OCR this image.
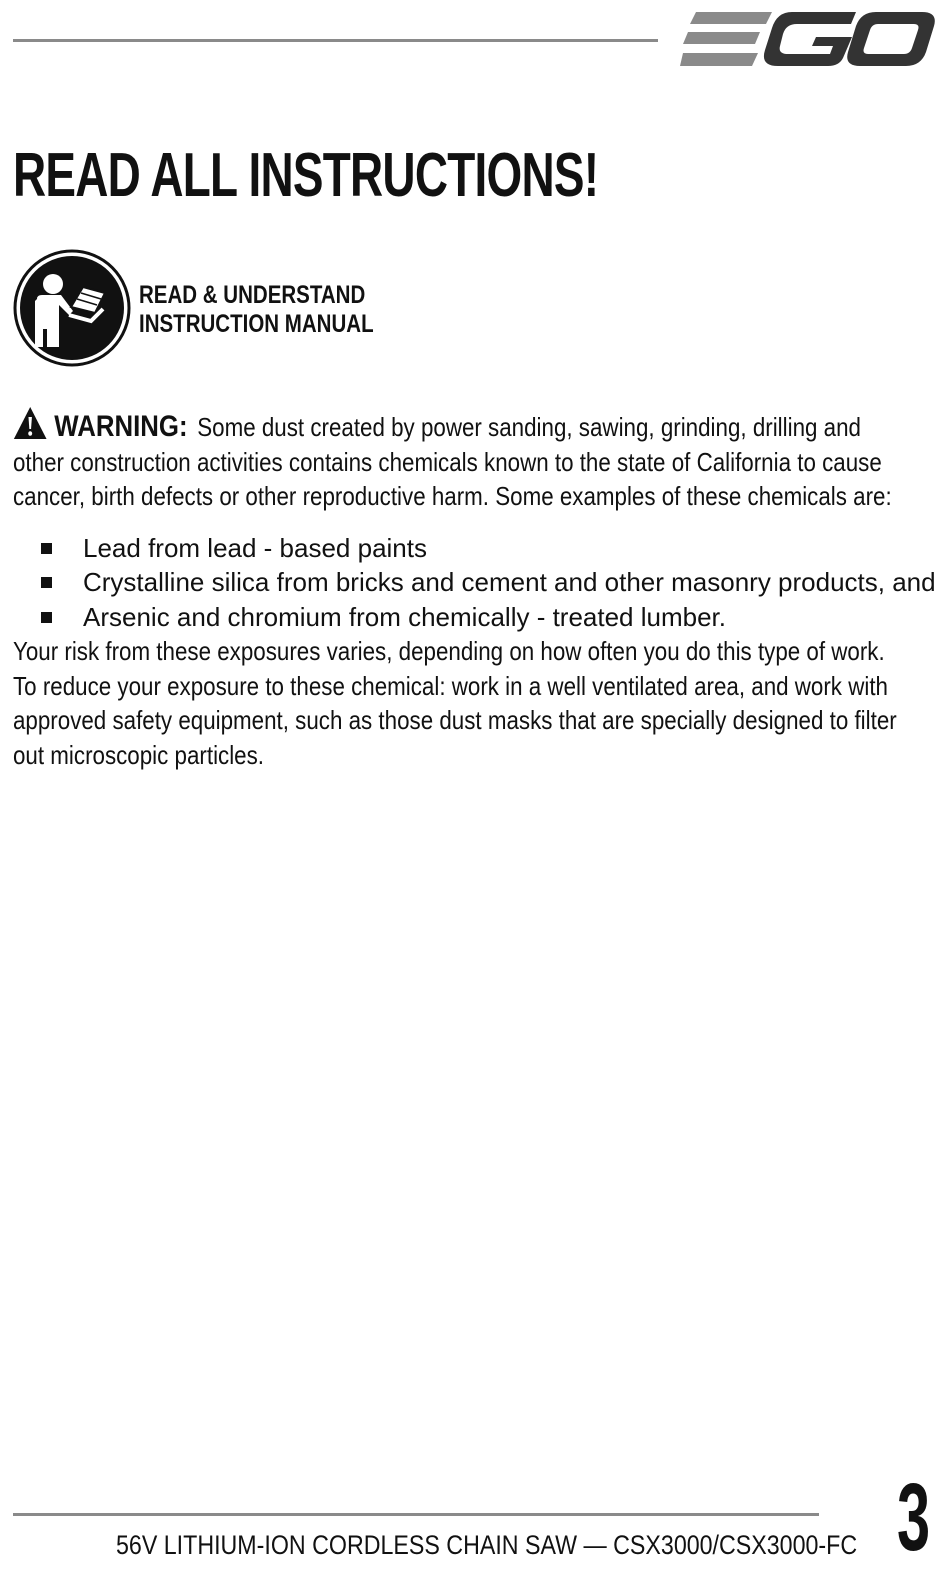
READ ALL INSTRUCTIONS!
READ & UNDERSTAND
INSTRUCTION MANUAL

WARNING: Some dust created by power sanding, sawing, grinding, drilling and other construction activities contains chemicals known to the state of California to cause cancer, birth defects or other reproductive harm. Some examples of these chemicals are:

Lead from lead - based paints
Crystalline silica from bricks and cement and other masonry products, and
Arsenic and chromium from chemically - treated lumber.

Your risk from these exposures varies, depending on how often you do this type of work. To reduce your exposure to these chemical: work in a well ventilated area, and work with approved safety equipment, such as those dust masks that are specially designed to filter out microscopic particles.

56V LITHIUM-ION CORDLESS CHAIN SAW — CSX3000/CSX3000-FC 3
